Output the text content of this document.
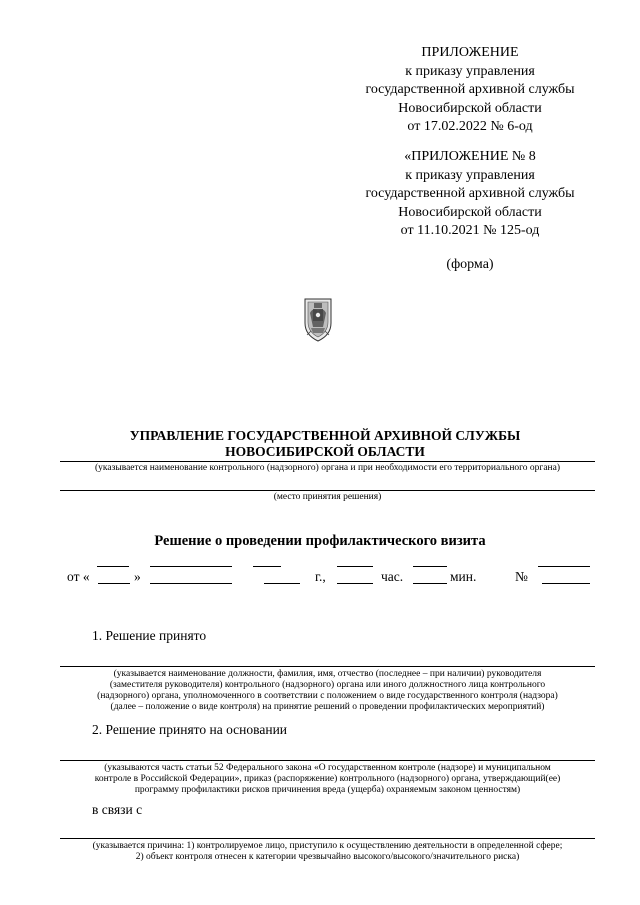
ПРИЛОЖЕНИЕ
к приказу управления
государственной архивной службы
Новосибирской области
от 17.02.2022 № 6-од
«ПРИЛОЖЕНИЕ № 8
к приказу управления
государственной архивной службы
Новосибирской области
от 11.10.2021 № 125-од
(форма)
УПРАВЛЕНИЕ ГОСУДАРСТВЕННОЙ АРХИВНОЙ СЛУЖБЫ
НОВОСИБИРСКОЙ ОБЛАСТИ
(указывается наименование контрольного (надзорного) органа и при необходимости его территориального органа)
(место принятия решения)
Решение о проведении профилактического визита
от «	»	г.,	час.	мин.	№
1. Решение принято
(указывается наименование должности, фамилия, имя, отчество (последнее – при наличии) руководителя
(заместителя руководителя) контрольного (надзорного) органа или иного должностного лица контрольного
(надзорного) органа, уполномоченного в соответствии с положением о виде государственного контроля (надзора)
(далее – положение о виде контроля) на принятие решений о проведении профилактических мероприятий)
2. Решение принято на основании
(указываются часть статьи 52 Федерального закона «О государственном контроле (надзоре) и муниципальном
контроле в Российской Федерации», приказ (распоряжение) контрольного (надзорного) органа, утверждающий(ее)
программу профилактики рисков причинения вреда (ущерба) охраняемым законом ценностям)
в связи с
(указывается причина: 1) контролируемое лицо, приступило к осуществлению деятельности в определенной сфере;
2) объект контроля отнесен к категории чрезвычайно высокого/высокого/значительного риска)
